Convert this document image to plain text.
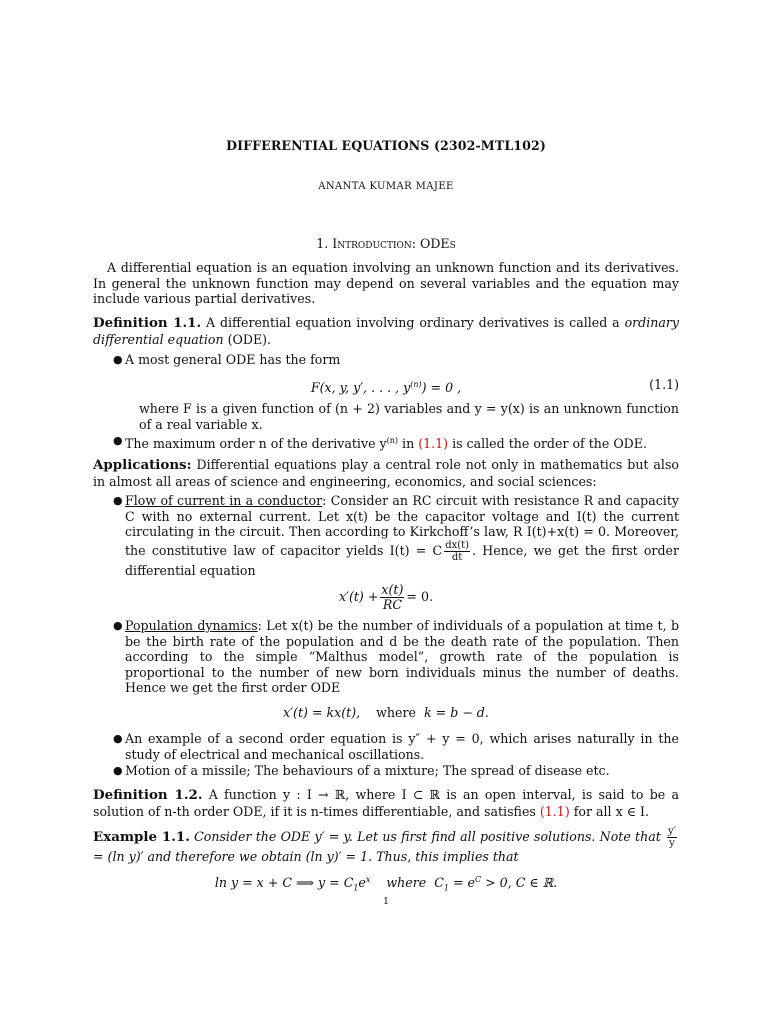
DIFFERENTIAL EQUATIONS (2302-MTL102)
ANANTA KUMAR MAJEE
1. Introduction: ODEs

A differential equation is an equation involving an unknown function and its derivatives. In general the unknown function may depend on several variables and the equation may include various partial derivatives.

Definition 1.1. A differential equation involving ordinary derivatives is called a ordinary differential equation (ODE).

● A most general ODE has the form
F(x, y, y′, . . . , $y^{(n)}) = 0$ ,	(1.1)

where F is a given function of (n + 2) variables and y = y(x) is an unknown function of a real variable x.

● The maximum order n of the derivative $y^{(n)}$ in (1.1) is called the order of the ODE.

Applications: Differential equations play a central role not only in mathematics but also in almost all areas of science and engineering, economics, and social sciences:

● Flow of current in a conductor: Consider an RC circuit with resistance R and capacity C with no external current. Let x(t) be the capacitor voltage and I(t) the current circulating in the circuit. Then according to Kirkchoff’s law, R I(t)+x(t) = 0. Moreover, the constitutive law of capacitor yields I(t) = C $\frac{dx(t)}{dt}$ . Hence, we get the first order differential equation

$x'(t) + \frac{x(t)}{RC} = 0$.
● Population dynamics: Let x(t) be the number of individuals of a population at time t, b be the birth rate of the population and d be the death rate of the population. Then according to the simple “Malthus model”, growth rate of the population is proportional to the number of new born individuals minus the number of deaths. Hence we get the first order ODE

x′(t) = kx(t), where k = b − d.
● An example of a second order equation is y″ + y = 0, which arises naturally in the study of electrical and mechanical oscillations.

● Motion of a missile; The behaviours of a mixture; The spread of disease etc.

Definition 1.2. A function y : I → ℝ, where I ⊂ ℝ is an open interval, is said to be a solution of n-th order ODE, if it is n-times differentiable, and satisfies (1.1) for all x ∈ I.

Example 1.1. Consider the ODE y′ = y. Let us first find all positive solutions. Note that $\frac{y'}{y}$
= (ln y)′ and therefore we obtain (ln y)′ = 1. Thus, this implies that

ln y = x + C ⟹ $y = C_1e^x$ where $C_1 = e^C > 0$, C ∈ ℝ.
1
